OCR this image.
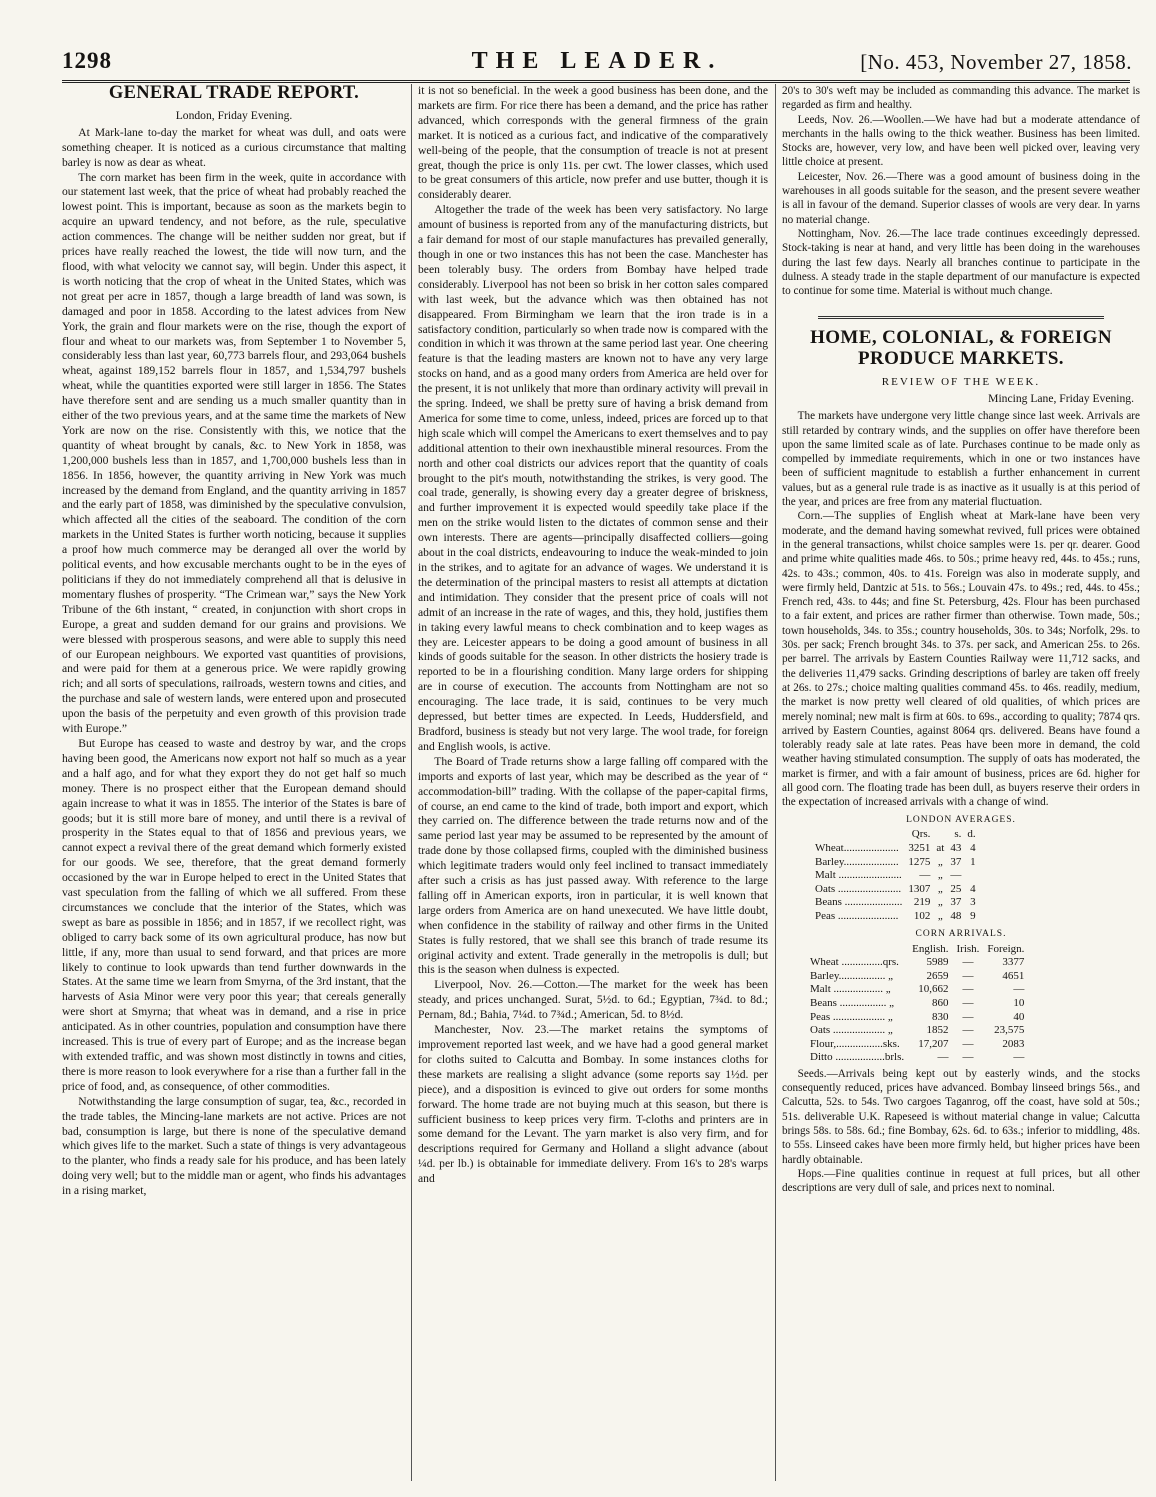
1298	THE LEADER.	[No. 453, November 27, 1858.
GENERAL TRADE REPORT.
London, Friday Evening.

At Mark-lane to-day the market for wheat was dull, and oats were something cheaper. It is noticed as a curious circumstance that malting barley is now as dear as wheat.

The corn market has been firm in the week, quite in accordance with our statement last week, that the price of wheat had probably reached the lowest point. This is important, because as soon as the markets begin to acquire an upward tendency, and not before, as the rule, speculative action commences. The change will be neither sudden nor great, but if prices have really reached the lowest, the tide will now turn, and the flood, with what velocity we cannot say, will begin. Under this aspect, it is worth noticing that the crop of wheat in the United States, which was not great per acre in 1857, though a large breadth of land was sown, is damaged and poor in 1858. According to the latest advices from New York, the grain and flour markets were on the rise, though the export of flour and wheat to our markets was, from September 1 to November 5, considerably less than last year, 60,773 barrels flour, and 293,064 bushels wheat, against 189,152 barrels flour in 1857, and 1,534,797 bushels wheat, while the quantities exported were still larger in 1856. The States have therefore sent and are sending us a much smaller quantity than in either of the two previous years, and at the same time the markets of New York are now on the rise. Consistently with this, we notice that the quantity of wheat brought by canals, &c. to New York in 1858, was 1,200,000 bushels less than in 1857, and 1,700,000 bushels less than in 1856. In 1856, however, the quantity arriving in New York was much increased by the demand from England, and the quantity arriving in 1857 and the early part of 1858, was diminished by the speculative convulsion, which affected all the cities of the seaboard. The condition of the corn markets in the United States is further worth noticing, because it supplies a proof how much commerce may be deranged all over the world by political events, and how excusable merchants ought to be in the eyes of politicians if they do not immediately comprehend all that is delusive in momentary flushes of prosperity. “The Crimean war,” says the New York Tribune of the 6th instant, “ created, in conjunction with short crops in Europe, a great and sudden demand for our grains and provisions. We were blessed with prosperous seasons, and were able to supply this need of our European neighbours. We exported vast quantities of provisions, and were paid for them at a generous price. We were rapidly growing rich; and all sorts of speculations, railroads, western towns and cities, and the purchase and sale of western lands, were entered upon and prosecuted upon the basis of the perpetuity and even growth of this provision trade with Europe.”

But Europe has ceased to waste and destroy by war, and the crops having been good, the Americans now export not half so much as a year and a half ago, and for what they export they do not get half so much money. There is no prospect either that the European demand should again increase to what it was in 1855. The interior of the States is bare of goods; but it is still more bare of money, and until there is a revival of prosperity in the States equal to that of 1856 and previous years, we cannot expect a revival there of the great demand which formerly existed for our goods. We see, therefore, that the great demand formerly occasioned by the war in Europe helped to erect in the United States that vast speculation from the falling of which we all suffered. From these circumstances we conclude that the interior of the States, which was swept as bare as possible in 1856; and in 1857, if we recollect right, was obliged to carry back some of its own agricultural produce, has now but little, if any, more than usual to send forward, and that prices are more likely to continue to look upwards than tend further downwards in the States. At the same time we learn from Smyrna, of the 3rd instant, that the harvests of Asia Minor were very poor this year; that cereals generally were short at Smyrna; that wheat was in demand, and a rise in price anticipated. As in other countries, population and consumption have there increased. This is true of every part of Europe; and as the increase began with extended traffic, and was shown most distinctly in towns and cities, there is more reason to look everywhere for a rise than a further fall in the price of food, and, as consequence, of other commodities.

Notwithstanding the large consumption of sugar, tea, &c., recorded in the trade tables, the Mincing-lane markets are not active. Prices are not bad, consumption is large, but there is none of the speculative demand which gives life to the market. Such a state of things is very advantageous to the planter, who finds a ready sale for his produce, and has been lately doing very well; but to the middle man or agent, who finds his advantages in a rising market,

it is not so beneficial. In the week a good business has been done, and the markets are firm. For rice there has been a demand, and the price has rather advanced, which corresponds with the general firmness of the grain market. It is noticed as a curious fact, and indicative of the comparatively well-being of the people, that the consumption of treacle is not at present great, though the price is only 11s. per cwt. The lower classes, which used to be great consumers of this article, now prefer and use butter, though it is considerably dearer.

Altogether the trade of the week has been very satisfactory. No large amount of business is reported from any of the manufacturing districts, but a fair demand for most of our staple manufactures has prevailed generally, though in one or two instances this has not been the case. Manchester has been tolerably busy. The orders from Bombay have helped trade considerably. Liverpool has not been so brisk in her cotton sales compared with last week, but the advance which was then obtained has not disappeared. From Birmingham we learn that the iron trade is in a satisfactory condition, particularly so when trade now is compared with the condition in which it was thrown at the same period last year. One cheering feature is that the leading masters are known not to have any very large stocks on hand, and as a good many orders from America are held over for the present, it is not unlikely that more than ordinary activity will prevail in the spring. Indeed, we shall be pretty sure of having a brisk demand from America for some time to come, unless, indeed, prices are forced up to that high scale which will compel the Americans to exert themselves and to pay additional attention to their own inexhaustible mineral resources. From the north and other coal districts our advices report that the quantity of coals brought to the pit's mouth, notwithstanding the strikes, is very good. The coal trade, generally, is showing every day a greater degree of briskness, and further improvement it is expected would speedily take place if the men on the strike would listen to the dictates of common sense and their own interests. There are agents—principally disaffected colliers—going about in the coal districts, endeavouring to induce the weak-minded to join in the strikes, and to agitate for an advance of wages. We understand it is the determination of the principal masters to resist all attempts at dictation and intimidation. They consider that the present price of coals will not admit of an increase in the rate of wages, and this, they hold, justifies them in taking every lawful means to check combination and to keep wages as they are. Leicester appears to be doing a good amount of business in all kinds of goods suitable for the season. In other districts the hosiery trade is reported to be in a flourishing condition. Many large orders for shipping are in course of execution. The accounts from Nottingham are not so encouraging. The lace trade, it is said, continues to be very much depressed, but better times are expected. In Leeds, Huddersfield, and Bradford, business is steady but not very large. The wool trade, for foreign and English wools, is active.

The Board of Trade returns show a large falling off compared with the imports and exports of last year, which may be described as the year of “ accommodation-bill” trading. With the collapse of the paper-capital firms, of course, an end came to the kind of trade, both import and export, which they carried on. The difference between the trade returns now and of the same period last year may be assumed to be represented by the amount of trade done by those collapsed firms, coupled with the diminished business which legitimate traders would only feel inclined to transact immediately after such a crisis as has just passed away. With reference to the large falling off in American exports, iron in particular, it is well known that large orders from America are on hand unexecuted. We have little doubt, when confidence in the stability of railway and other firms in the United States is fully restored, that we shall see this branch of trade resume its original activity and extent. Trade generally in the metropolis is dull; but this is the season when dulness is expected.

Liverpool, Nov. 26.—Cotton.—The market for the week has been steady, and prices unchanged. Surat, 5½d. to 6d.; Egyptian, 7¾d. to 8d.; Pernam, 8d.; Bahia, 7¼d. to 7¾d.; American, 5d. to 8½d.

Manchester, Nov. 23.—The market retains the symptoms of improvement reported last week, and we have had a good general market for cloths suited to Calcutta and Bombay. In some instances cloths for these markets are realising a slight advance (some reports say 1½d. per piece), and a disposition is evinced to give out orders for some months forward. The home trade are not buying much at this season, but there is sufficient business to keep prices very firm. T-cloths and printers are in some demand for the Levant. The yarn market is also very firm, and for descriptions required for Germany and Holland a slight advance (about ¼d. per lb.) is obtainable for immediate delivery. From 16's to 28's warps and

20's to 30's weft may be included as commanding this advance. The market is regarded as firm and healthy.

Leeds, Nov. 26.—Woollen.—We have had but a moderate attendance of merchants in the halls owing to the thick weather. Business has been limited. Stocks are, however, very low, and have been well picked over, leaving very little choice at present.

Leicester, Nov. 26.—There was a good amount of business doing in the warehouses in all goods suitable for the season, and the present severe weather is all in favour of the demand. Superior classes of wools are very dear. In yarns no material change.

Nottingham, Nov. 26.—The lace trade continues exceedingly depressed. Stock-taking is near at hand, and very little has been doing in the warehouses during the last few days. Nearly all branches continue to participate in the dulness. A steady trade in the staple department of our manufacture is expected to continue for some time. Material is without much change.

HOME, COLONIAL, & FOREIGN PRODUCE MARKETS.
REVIEW OF THE WEEK.
Mincing Lane, Friday Evening.

The markets have undergone very little change since last week. Arrivals are still retarded by contrary winds, and the supplies on offer have therefore been upon the same limited scale as of late. Purchases continue to be made only as compelled by immediate requirements, which in one or two instances have been of sufficient magnitude to establish a further enhancement in current values, but as a general rule trade is as inactive as it usually is at this period of the year, and prices are free from any material fluctuation.

Corn.—The supplies of English wheat at Mark-lane have been very moderate, and the demand having somewhat revived, full prices were obtained in the general transactions, whilst choice samples were 1s. per qr. dearer. Good and prime white qualities made 46s. to 50s.; prime heavy red, 44s. to 45s.; runs, 42s. to 43s.; common, 40s. to 41s. Foreign was also in moderate supply, and were firmly held, Dantzic at 51s. to 56s.; Louvain 47s. to 49s.; red, 44s. to 45s.; French red, 43s. to 44s; and fine St. Petersburg, 42s. Flour has been purchased to a fair extent, and prices are rather firmer than otherwise. Town made, 50s.; town households, 34s. to 35s.; country households, 30s. to 34s; Norfolk, 29s. to 30s. per sack; French brought 34s. to 37s. per sack, and American 25s. to 26s. per barrel. The arrivals by Eastern Counties Railway were 11,712 sacks, and the deliveries 11,479 sacks. Grinding descriptions of barley are taken off freely at 26s. to 27s.; choice malting qualities command 45s. to 46s. readily, medium, the market is now pretty well cleared of old qualities, of which prices are merely nominal; new malt is firm at 60s. to 69s., according to quality; 7874 qrs. arrived by Eastern Counties, against 8064 qrs. delivered. Beans have found a tolerably ready sale at late rates. Peas have been more in demand, the cold weather having stimulated consumption. The supply of oats has moderated, the market is firmer, and with a fair amount of business, prices are 6d. higher for all good corn. The floating trade has been dull, as buyers reserve their orders in the expectation of increased arrivals with a change of wind.

LONDON AVERAGES.
	Qrs.		s.	d.
Wheat....................	3251	at	43	4
Barley....................	1275	„	37	1
Malt .......................	—	„	—	
Oats .......................	1307	„	25	4
Beans .....................	219	„	37	3
Peas ......................	102	„	48	9
CORN ARRIVALS.
	English.	Irish.	Foreign.
Wheat ...............qrs.	5989	—	3377
Barley................. „	2659	—	4651
Malt .................. „	10,662	—	—
Beans ................. „	860	—	10
Peas ................... „	830	—	40
Oats ................... „	1852	—	23,575
Flour,.................sks.	17,207	—	2083
Ditto ..................brls.	—	—	—

Seeds.—Arrivals being kept out by easterly winds, and the stocks consequently reduced, prices have advanced. Bombay linseed brings 56s., and Calcutta, 52s. to 54s. Two cargoes Taganrog, off the coast, have sold at 50s.; 51s. deliverable U.K. Rapeseed is without material change in value; Calcutta brings 58s. to 58s. 6d.; fine Bombay, 62s. 6d. to 63s.; inferior to middling, 48s. to 55s. Linseed cakes have been more firmly held, but higher prices have been hardly obtainable.

Hops.—Fine qualities continue in request at full prices, but all other descriptions are very dull of sale, and prices next to nominal.
